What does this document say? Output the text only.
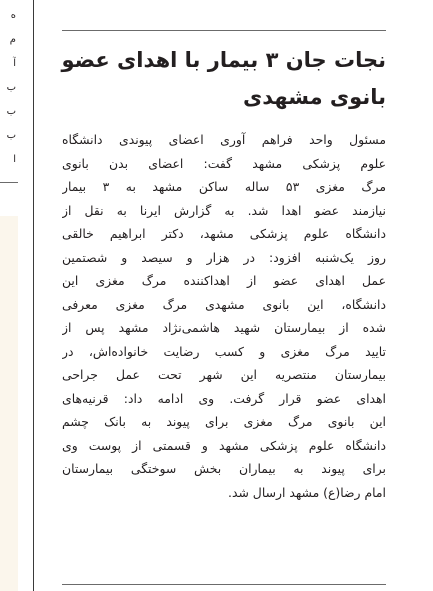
ه
م
آ
ب
ب
ب
ا
نجات جان ۳ بیمار با اهدای عضو
بانوی مشهدی
مسئول واحد فراهم آوری اعضای پیوندی دانشگاه
علوم پزشکی مشهد گفت: اعضای بدن بانوی
مرگ مغزی ۵۳ ساله ساکن مشهد به ۳ بیمار
نیازمند عضو اهدا شد. به گزارش ایرنا به نقل از
دانشگاه علوم پزشکی مشهد، دکتر ابراهیم خالقی
روز یک‌شنبه افزود: در هزار و سیصد و شصتمین
عمل اهدای عضو از اهداکننده مرگ مغزی این
دانشگاه، این بانوی مشهدی مرگ مغزی معرفی
شده از بیمارستان شهید هاشمی‌نژاد مشهد پس از
تایید مرگ مغزی و کسب رضایت خانواده‌اش، در
بیمارستان منتصریه این شهر تحت عمل جراحی
اهدای عضو قرار گرفت. وی ادامه داد: قرنیه‌های
این بانوی مرگ مغزی برای پیوند به بانک چشم
دانشگاه علوم پزشکی مشهد و قسمتی از پوست وی
برای پیوند به بیماران بخش سوختگی بیمارستان
امام رضا(ع) مشهد ارسال شد.
